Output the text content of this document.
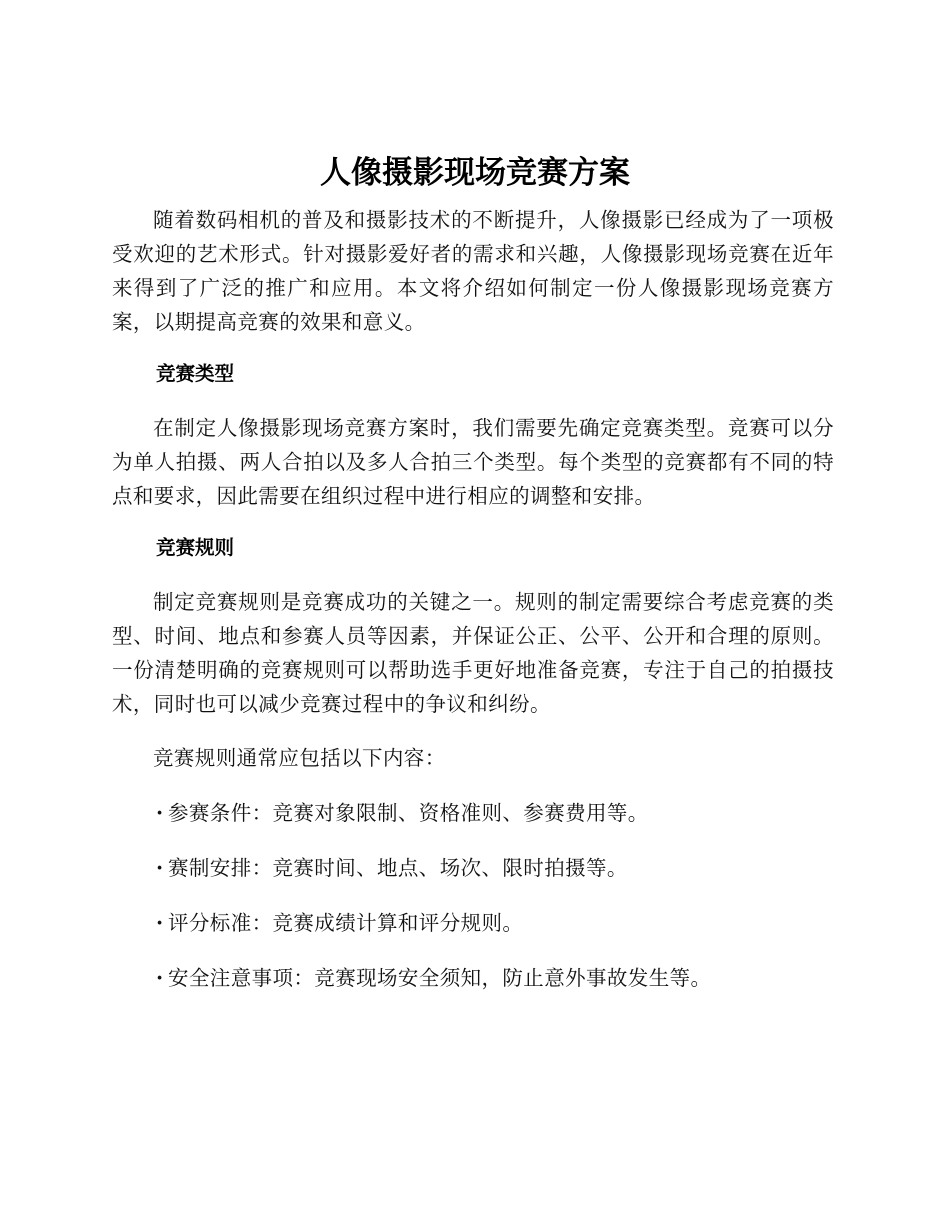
人像摄影现场竞赛方案

随着数码相机的普及和摄影技术的不断提升，人像摄影已经成为了一项极受欢迎的艺术形式。针对摄影爱好者的需求和兴趣，人像摄影现场竞赛在近年来得到了广泛的推广和应用。本文将介绍如何制定一份人像摄影现场竞赛方案，以期提高竞赛的效果和意义。

竞赛类型

在制定人像摄影现场竞赛方案时，我们需要先确定竞赛类型。竞赛可以分为单人拍摄、两人合拍以及多人合拍三个类型。每个类型的竞赛都有不同的特点和要求，因此需要在组织过程中进行相应的调整和安排。

竞赛规则

制定竞赛规则是竞赛成功的关键之一。规则的制定需要综合考虑竞赛的类型、时间、地点和参赛人员等因素，并保证公正、公平、公开和合理的原则。一份清楚明确的竞赛规则可以帮助选手更好地准备竞赛，专注于自己的拍摄技术，同时也可以减少竞赛过程中的争议和纠纷。

竞赛规则通常应包括以下内容：

· 参赛条件：竞赛对象限制、资格准则、参赛费用等。
· 赛制安排：竞赛时间、地点、场次、限时拍摄等。
· 评分标准：竞赛成绩计算和评分规则。
· 安全注意事项：竞赛现场安全须知，防止意外事故发生等。
